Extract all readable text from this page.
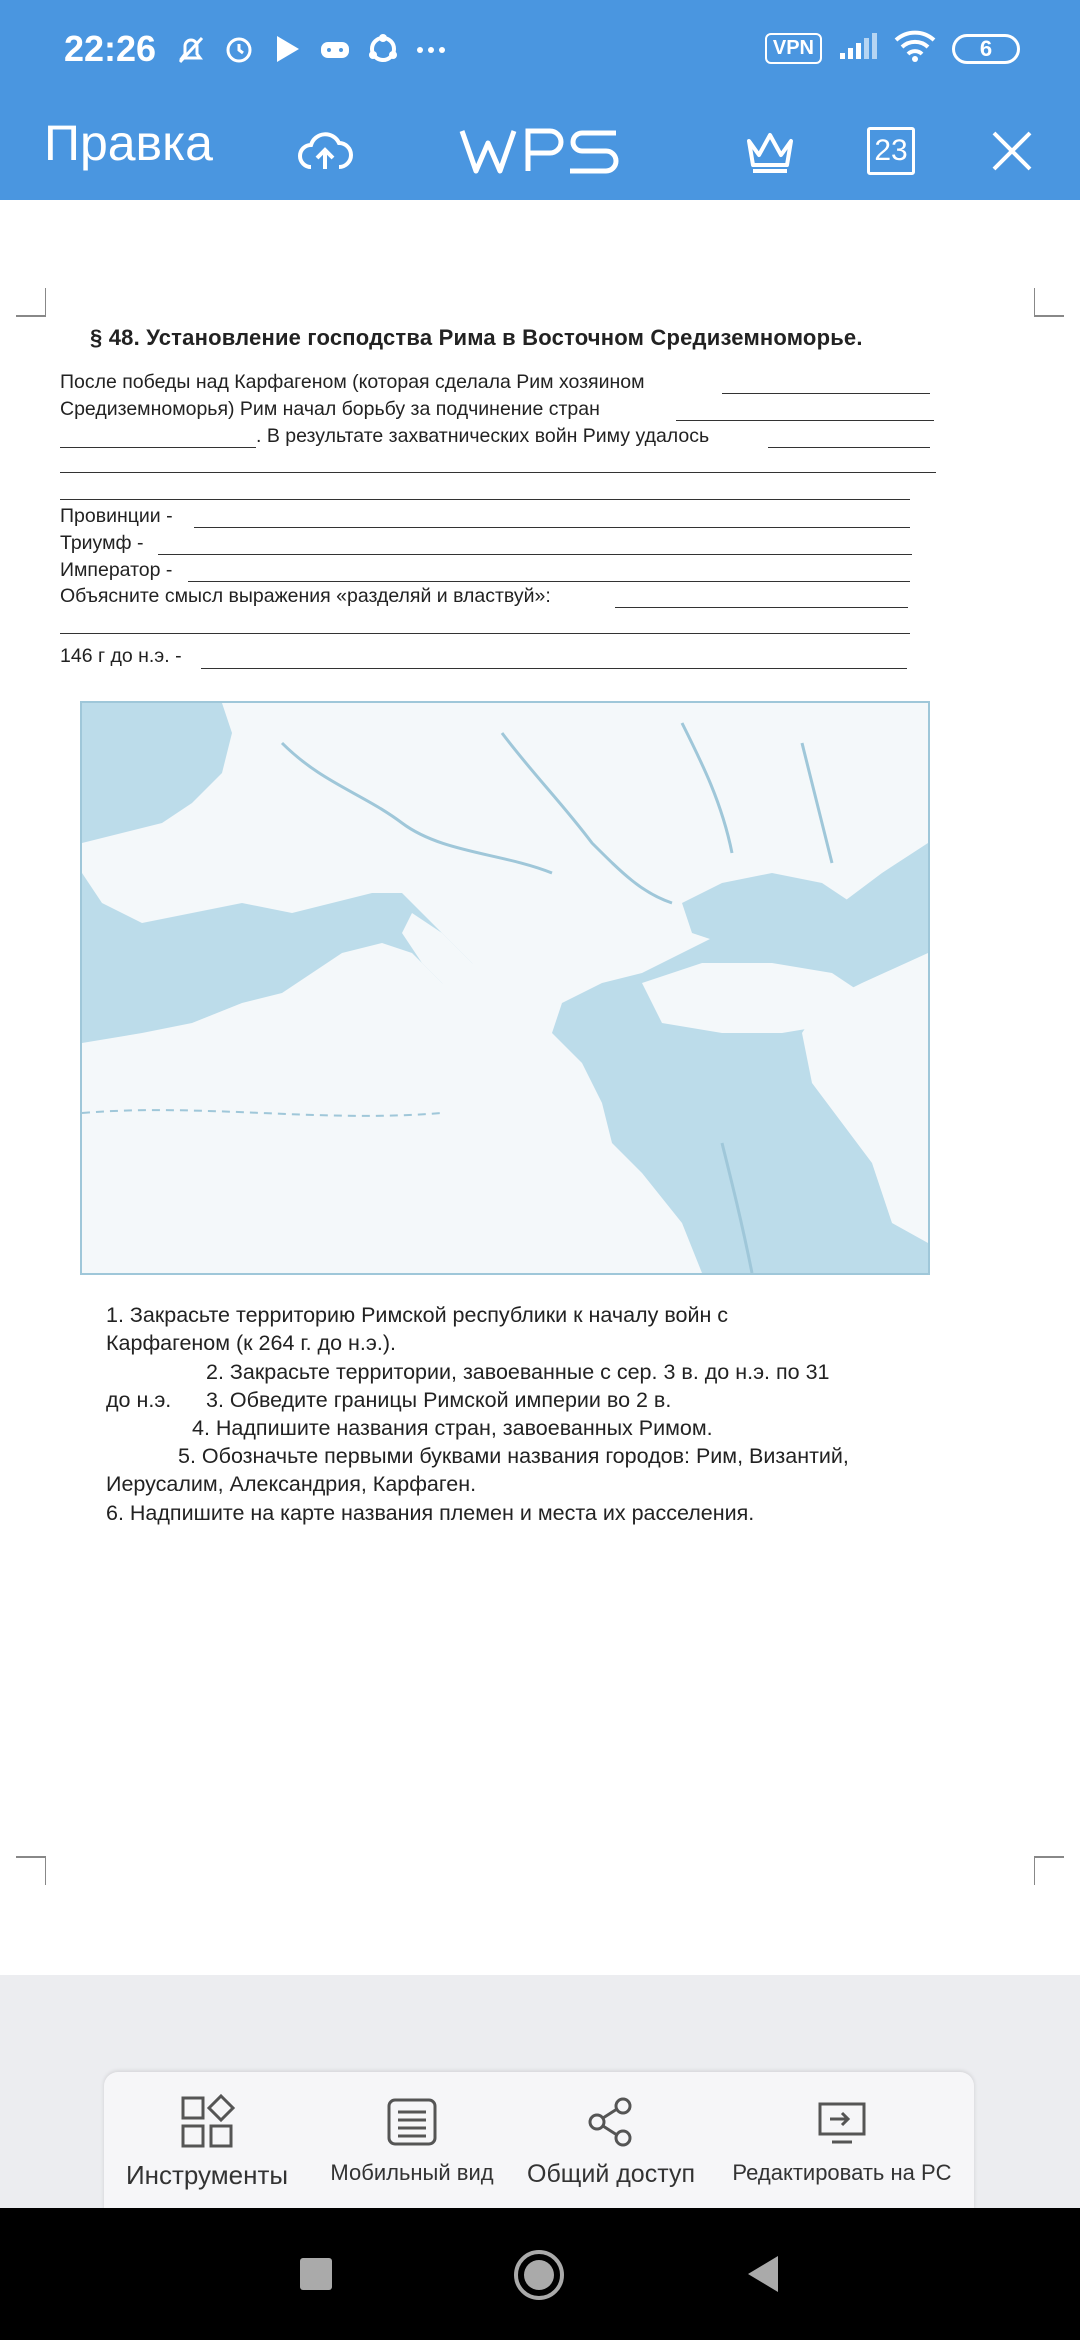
22:26	VPN	6
Правка	23
§ 48. Установление господства Рима в Восточном Средиземноморье.
После победы над Карфагеном (которая сделала Рим хозяином
Средиземноморья) Рим начал борьбу за подчинение стран
. В результате захватнических войн Риму удалось
Провинции -
Триумф -
Император -
Объясните смысл выражения «разделяй и властвуй»:
146 г до н.э. -
1. Закрасьте территорию Римской республики к началу войн с
Карфагеном (к 264 г. до н.э.).
2. Закрасьте территории, завоеванные с сер. 3 в. до н.э. по 31
до н.э. 3. Обведите границы Римской империи во 2 в.
4. Надпишите названия стран, завоеванных Римом.
5. Обозначьте первыми буквами названия городов: Рим, Византий,
Иерусалим, Александрия, Карфаген.
6. Надпишите на карте названия племен и места их расселения.
Инструменты Мобильный вид Общий доступ Редактировать на PC
